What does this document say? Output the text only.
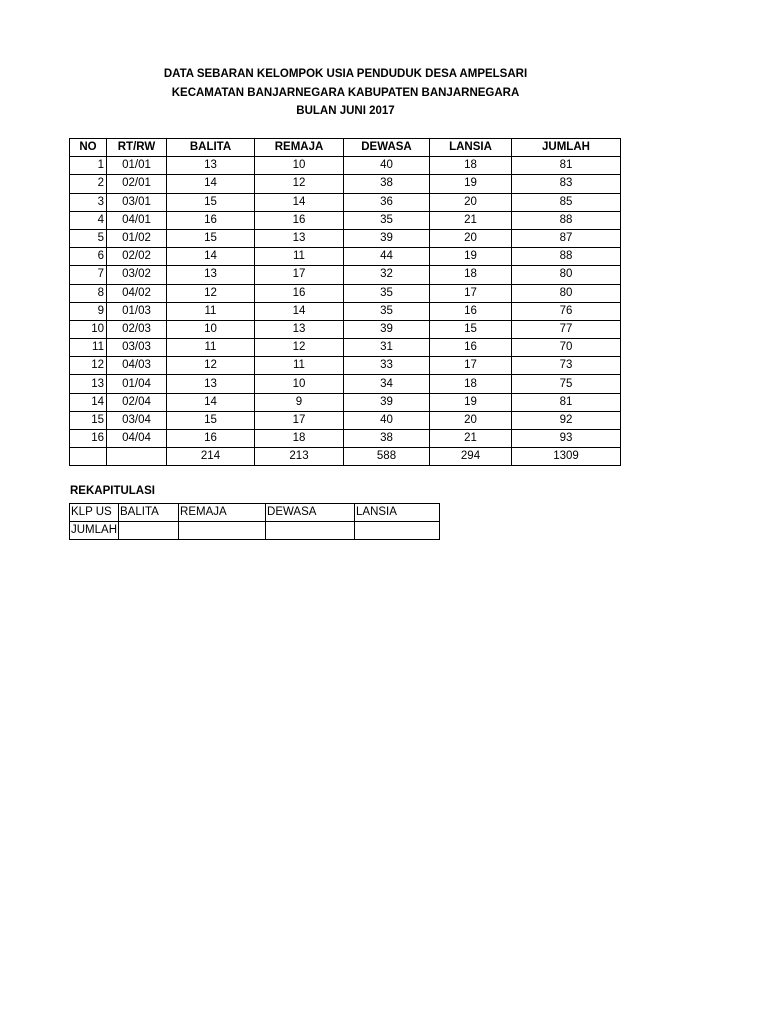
DATA SEBARAN KELOMPOK USIA PENDUDUK DESA AMPELSARI
KECAMATAN BANJARNEGARA KABUPATEN BANJARNEGARA
BULAN JUNI 2017
NO	RT/RW	BALITA	REMAJA	DEWASA	LANSIA	JUMLAH
1	01/01	13	10	40	18	81
2	02/01	14	12	38	19	83
3	03/01	15	14	36	20	85
4	04/01	16	16	35	21	88
5	01/02	15	13	39	20	87
6	02/02	14	11	44	19	88
7	03/02	13	17	32	18	80
8	04/02	12	16	35	17	80
9	01/03	11	14	35	16	76
10	02/03	10	13	39	15	77
11	03/03	11	12	31	16	70
12	04/03	12	11	33	17	73
13	01/04	13	10	34	18	75
14	02/04	14	9	39	19	81
15	03/04	15	17	40	20	92
16	04/04	16	18	38	21	93
		214	213	588	294	1309
REKAPITULASI
KLP US	BALITA	REMAJA	DEWASA	LANSIA
JUMLAH				
